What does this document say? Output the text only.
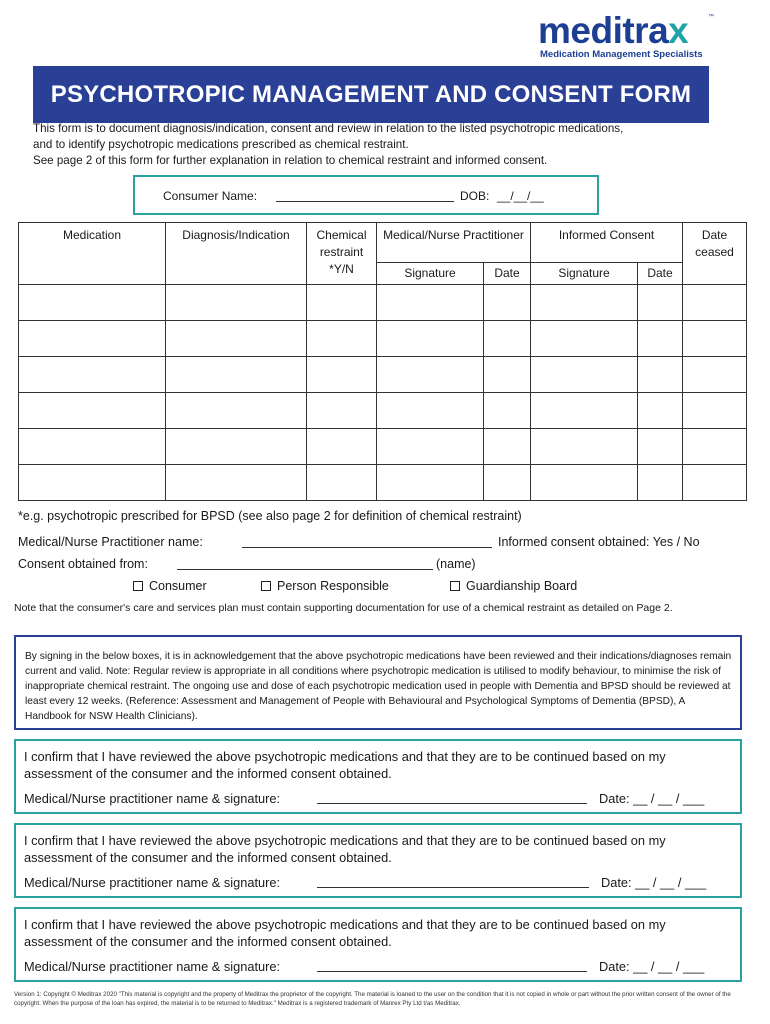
meditrax	™
Medication Management Specialists
PSYCHOTROPIC MANAGEMENT AND CONSENT FORM

This form is to document diagnosis/indication, consent and review in relation to the listed psychotropic medications,

and to identify psychotropic medications prescribed as chemical restraint.

See page 2 of this form for further explanation in relation to chemical restraint and informed consent.

Consumer Name:	DOB: __/__/__
Medication	Diagnosis/Indication	Chemical restraint *Y/N	Medical/Nurse Practitioner		Informed Consent		Date ceased
			Signature	Date	Signature	Date	

*e.g. psychotropic prescribed for BPSD (see also page 2 for definition of chemical restraint)
Medical/Nurse Practitioner name:	Informed consent obtained: Yes / No
Consent obtained from:	(name)
Consumer	Person Responsible	Guardianship Board
Note that the consumer's care and services plan must contain supporting documentation for use of a chemical restraint as detailed on Page 2.
By signing in the below boxes, it is in acknowledgement that the above psychotropic medications have been reviewed and their indications/diagnoses remain current and valid. Note: Regular review is appropriate in all conditions where psychotropic medication is utilised to modify behaviour, to minimise the risk of inappropriate chemical restraint. The ongoing use and dose of each psychotropic medication used in people with Dementia and BPSD should be reviewed at least every 12 weeks. (Reference: Assessment and Management of People with Behavioural and Psychological Symptoms of Dementia (BPSD), A Handbook for NSW Health Clinicians).
I confirm that I have reviewed the above psychotropic medications and that they are to be continued based on my assessment of the consumer and the informed consent obtained.
Medical/Nurse practitioner name & signature:	Date: __ / __ / ___
I confirm that I have reviewed the above psychotropic medications and that they are to be continued based on my assessment of the consumer and the informed consent obtained.
Medical/Nurse practitioner name & signature:	Date: __ / __ / ___
I confirm that I have reviewed the above psychotropic medications and that they are to be continued based on my assessment of the consumer and the informed consent obtained.
Medical/Nurse practitioner name & signature:	Date: __ / __ / ___
Version 1: Copyright © Meditrax 2020 "This material is copyright and the property of Meditrax the proprietor of the copyright. The material is loaned to the user on the condition that it is not copied in whole or part without the prior written consent of the owner of the copyright. When the purpose of the loan has expired, the material is to be returned to Meditrax." Meditrax is a registered trademark of Manrex Pty Ltd t/as Meditrax.
